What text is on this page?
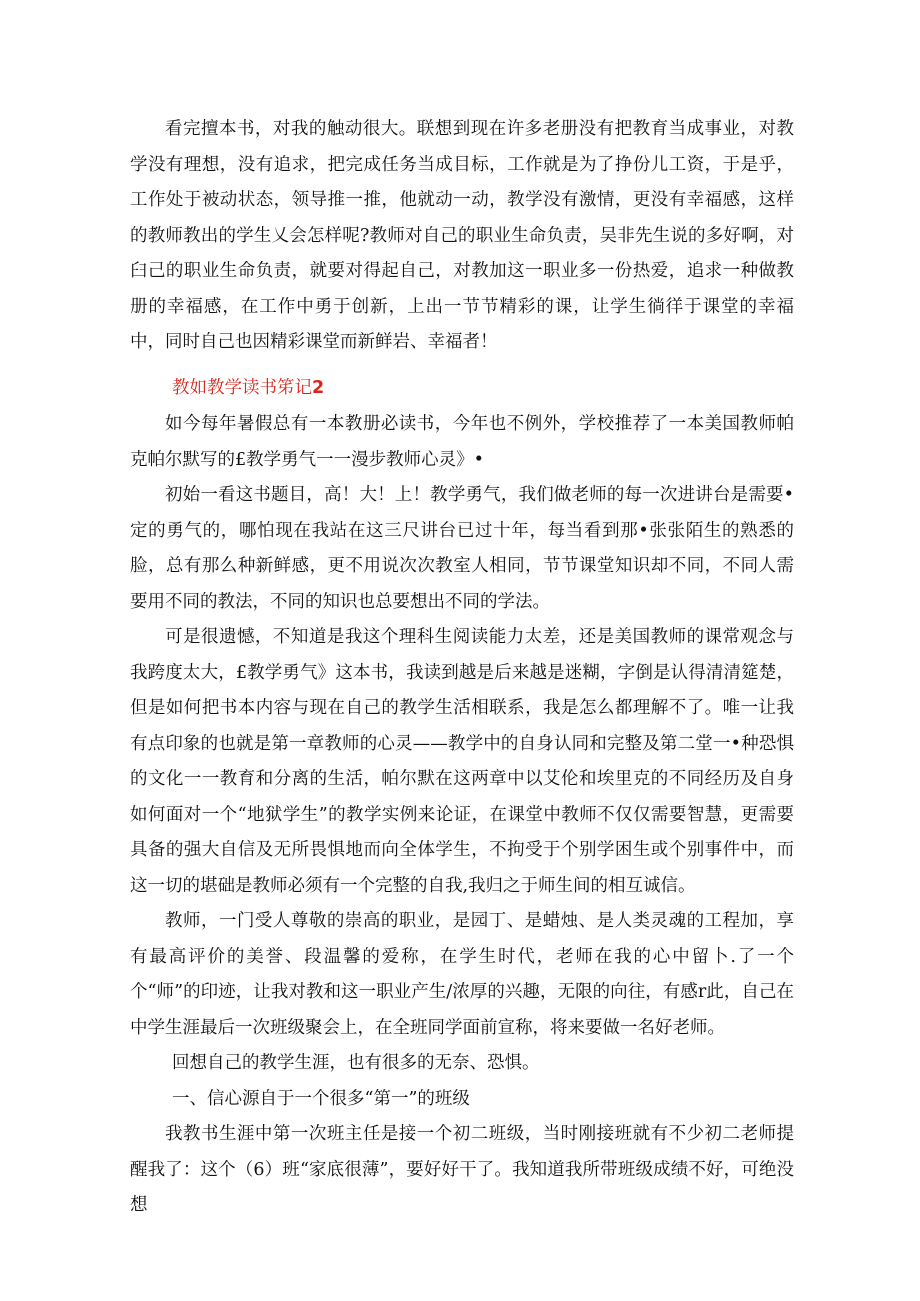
看完擅本书，对我的触动很大。联想到现在许多老册没有把教育当成事业，对教学没有理想，没有追求，把完成任务当成目标，工作就是为了挣份儿工资，于是乎，工作处于被动状态，领导推一推，他就动一动，教学没有激情，更没有幸福感，这样的教师教出的学生乂会怎样呢?教师对自己的职业生命负责，吴非先生说的多好啊，对臼己的职业生命负责，就要对得起自己，对教加这一职业多一份热爱，追求一种做教册的幸福感，在工作中勇于创新，上出一节节精彩的课，让学生徜徉于课堂的幸福中，同时自己也因精彩课堂而新鲜岩、幸福者！

教如教学读书笫记2

如今每年暑假总有一本教册必读书，今年也不例外，学校推荐了一本美国教师帕克帕尔默写的£教学勇气一一漫步教师心灵》•

初始一看这书题目，高！大！上！教学勇气，我们做老师的每一次进讲台是需要•定的勇气的，哪怕现在我站在这三尺讲台已过十年，每当看到那•张张陌生的熟悉的脸，总有那么种新鲜感，更不用说次次教室人相同，节节课堂知识却不同，不同人需要用不同的教法，不同的知识也总要想出不同的学法。

可是很遗憾，不知道是我这个理科生阅读能力太差，还是美国教师的课常观念与我跨度太大，£教学勇气》这本书，我读到越是后来越是迷糊，字倒是认得清清筵楚，但是如何把书本内容与现在自己的教学生活相联系，我是怎么都理解不了。唯一让我有点印象的也就是第一章教师的心灵——教学中的自身认同和完整及第二堂一•种恐惧的文化一一教育和分离的生活，帕尔默在这两章中以艾伦和埃里克的不同经历及自身如何面对一个“地狱学生”的教学实例来论证，在课堂中教师不仅仅需要智慧，更需要具备的强大自信及无所畏惧地而向全体学生，不拘受于个别学困生或个别事件中，而这一切的堪础是教师必须有一个完整的自我,我归之于师生间的相互诚信。

教师，一门受人尊敬的崇高的职业，是园丁、是蜡烛、是人类灵魂的工程加，享有最高评价的美誉、段温馨的爱称，在学生时代，老师在我的心中留卜.了一个个“师”的印迹，让我对教和这一职业产生/浓厚的兴趣，无限的向往，有感r此，自己在中学生涯最后一次班级聚会上，在全班同学面前宣称，将来要做一名好老师。

回想自己的教学生涯，也有很多的无奈、恐惧。

一、信心源自于一个很多“第一”的班级

我教书生涯中第一次班主任是接一个初二班级，当时刚接班就有不少初二老师提醒我了：这个（6）班“家底很薄”，要好好干了。我知道我所带班级成绩不好，可绝没想
